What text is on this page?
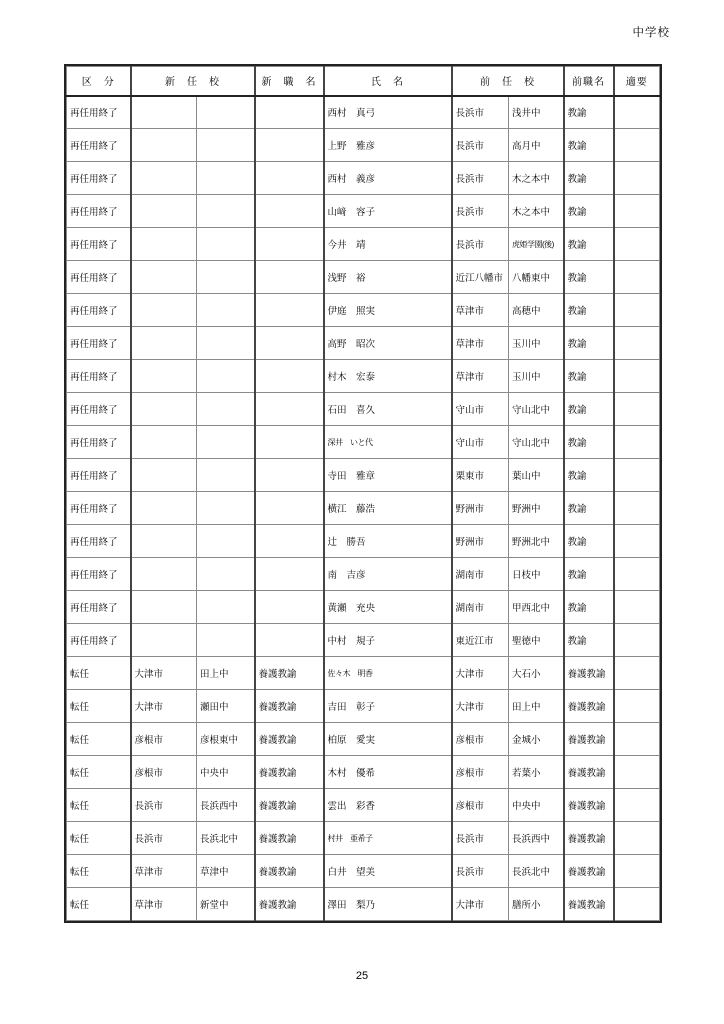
中学校
区　分	新　任　校		新　職　名	氏　名	前　任　校		前職名	適要
再任用終了				西村　真弓	長浜市	浅井中	教諭	
再任用終了				上野　雅彦	長浜市	高月中	教諭	
再任用終了				西村　義彦	長浜市	木之本中	教諭	
再任用終了				山﨑　容子	長浜市	木之本中	教諭	
再任用終了				今井　靖	長浜市	虎姫学園(後)	教諭	
再任用終了				浅野　裕	近江八幡市	八幡東中	教諭	
再任用終了				伊庭　照実	草津市	高穂中	教諭	
再任用終了				高野　昭次	草津市	玉川中	教諭	
再任用終了				村木　宏泰	草津市	玉川中	教諭	
再任用終了				石田　喜久	守山市	守山北中	教諭	
再任用終了				深井　いと代	守山市	守山北中	教諭	
再任用終了				寺田　雅章	栗東市	葉山中	教諭	
再任用終了				横江　藤浩	野洲市	野洲中	教諭	
再任用終了				辻　勝吾	野洲市	野洲北中	教諭	
再任用終了				南　吉彦	湖南市	日枝中	教諭	
再任用終了				黄瀬　充央	湖南市	甲西北中	教諭	
再任用終了				中村　規子	東近江市	聖徳中	教諭	
転任	大津市	田上中	養護教諭	佐々木　明香	大津市	大石小	養護教諭	
転任	大津市	瀬田中	養護教諭	吉田　彰子	大津市	田上中	養護教諭	
転任	彦根市	彦根東中	養護教諭	柏原　愛実	彦根市	金城小	養護教諭	
転任	彦根市	中央中	養護教諭	木村　優希	彦根市	若葉小	養護教諭	
転任	長浜市	長浜西中	養護教諭	雲出　彩香	彦根市	中央中	養護教諭	
転任	長浜市	長浜北中	養護教諭	村井　亜希子	長浜市	長浜西中	養護教諭	
転任	草津市	草津中	養護教諭	白井　望美	長浜市	長浜北中	養護教諭	
転任	草津市	新堂中	養護教諭	澤田　梨乃	大津市	膳所小	養護教諭	
25
